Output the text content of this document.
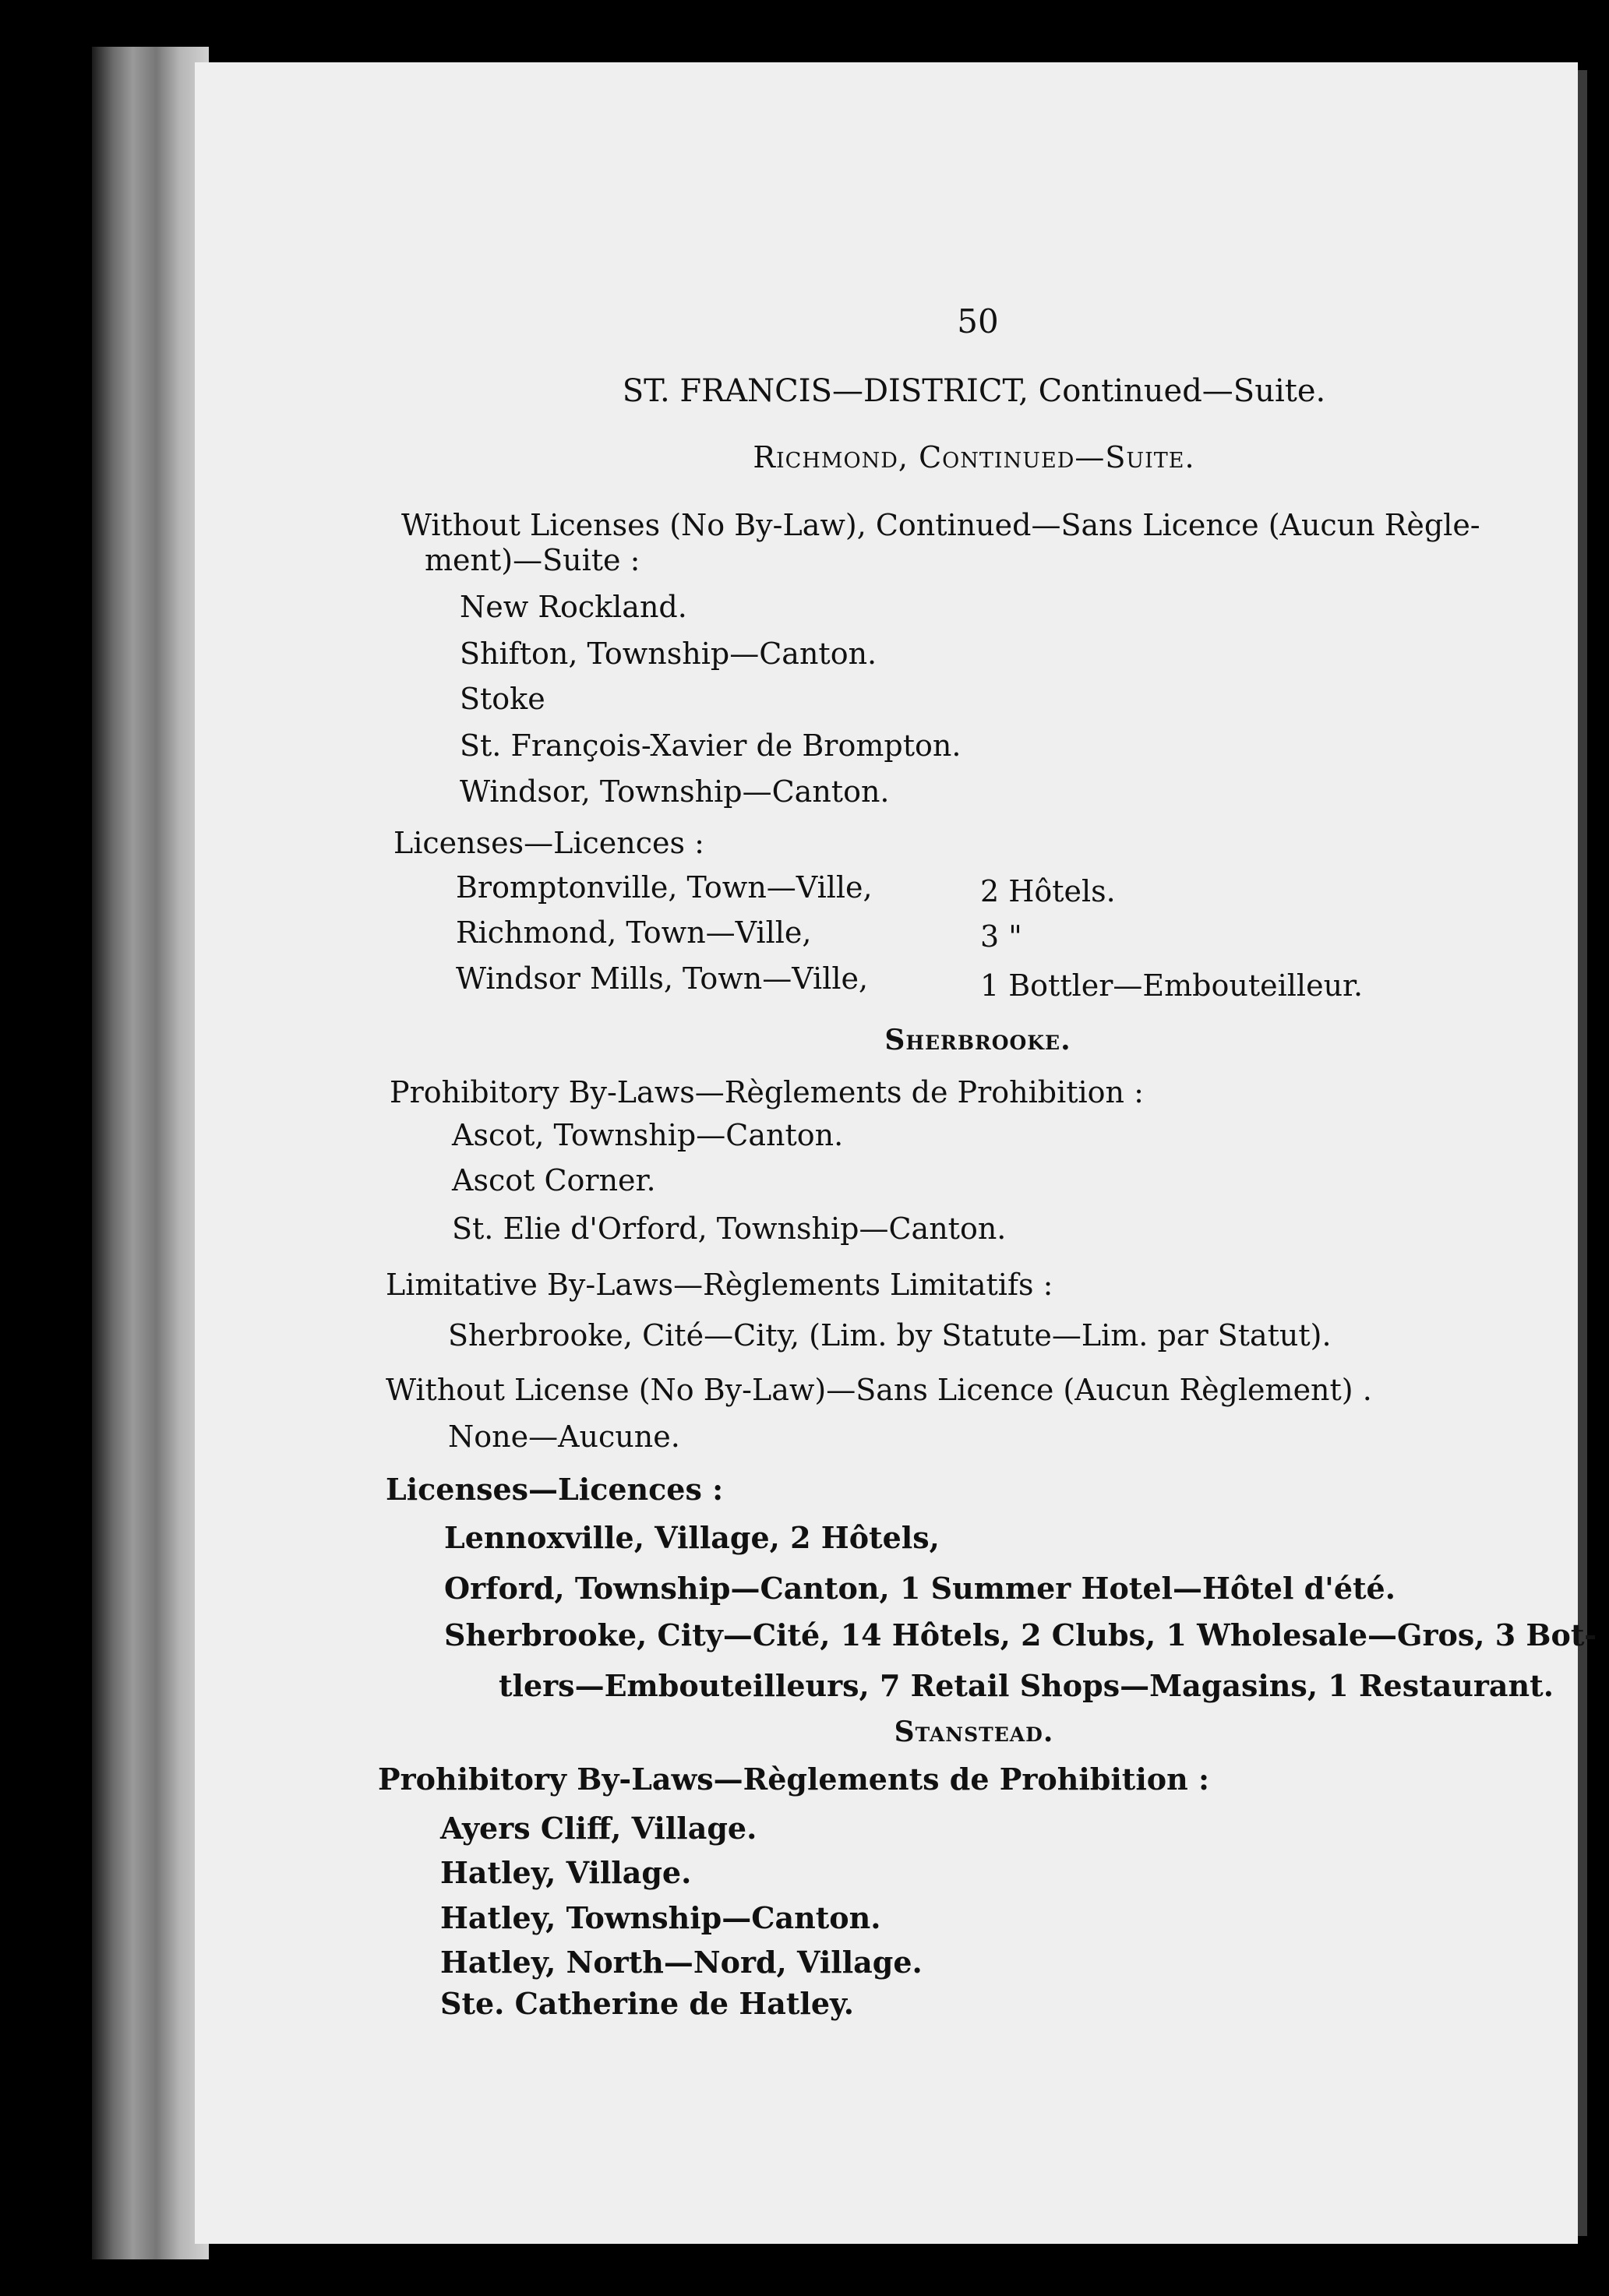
50
ST. FRANCIS—DISTRICT, Continued—Suite.
Richmond, Continued—Suite.
Without Licenses (No By-Law), Continued—Sans Licence (Aucun Règle-
ment)—Suite :
New Rockland.
Shifton, Township—Canton.
Stoke
St. François-Xavier de Brompton.
Windsor, Township—Canton.
Licenses—Licences :
Bromptonville, Town—Ville,	2 Hôtels.
Richmond, Town—Ville,	3 "
Windsor Mills, Town—Ville,	1 Bottler—Embouteilleur.
Sherbrooke.
Prohibitory By-Laws—Règlements de Prohibition :
Ascot, Township—Canton.
Ascot Corner.
St. Elie d'Orford, Township—Canton.
Limitative By-Laws—Règlements Limitatifs :
Sherbrooke, Cité—City, (Lim. by Statute—Lim. par Statut).
Without License (No By-Law)—Sans Licence (Aucun Règlement) .
None—Aucune.
Licenses—Licences :
Lennoxville, Village, 2 Hôtels,
Orford, Township—Canton, 1 Summer Hotel—Hôtel d'été.
Sherbrooke, City—Cité, 14 Hôtels, 2 Clubs, 1 Wholesale—Gros, 3 Bot-
tlers—Embouteilleurs, 7 Retail Shops—Magasins, 1 Restaurant.
Stanstead.
Prohibitory By-Laws—Règlements de Prohibition :
Ayers Cliff, Village.
Hatley, Village.
Hatley, Township—Canton.
Hatley, North—Nord, Village.
Ste. Catherine de Hatley.
